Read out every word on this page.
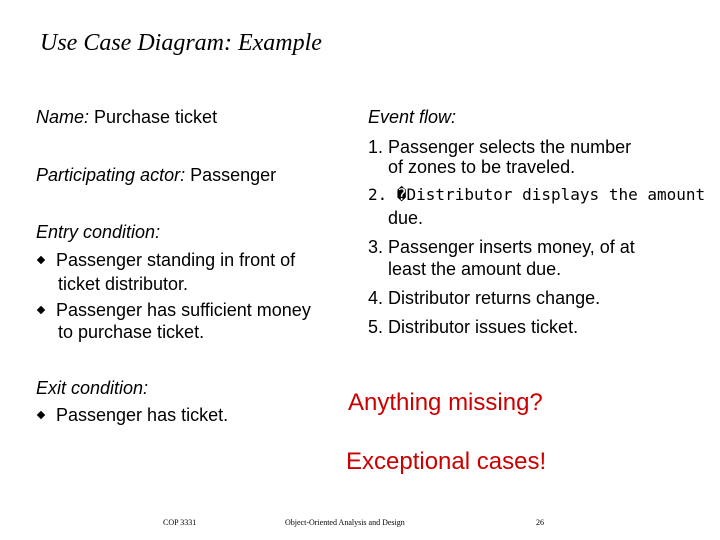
Use Case Diagram: Example
Name: Purchase ticket
Participating actor: Passenger
Entry condition:
Passenger standing in front of
ticket distributor.
Passenger has sufficient money
to purchase ticket.
Exit condition:
Passenger has ticket.
Event flow:
1. Passenger selects the number
of zones to be traveled.
2. �Distributor displays the amount
due.
3. Passenger inserts money, of at
least the amount due.
4. Distributor returns change.
5. Distributor issues ticket.
Anything missing?
Exceptional cases!
COP 3331	Object-Oriented Analysis and Design	26
